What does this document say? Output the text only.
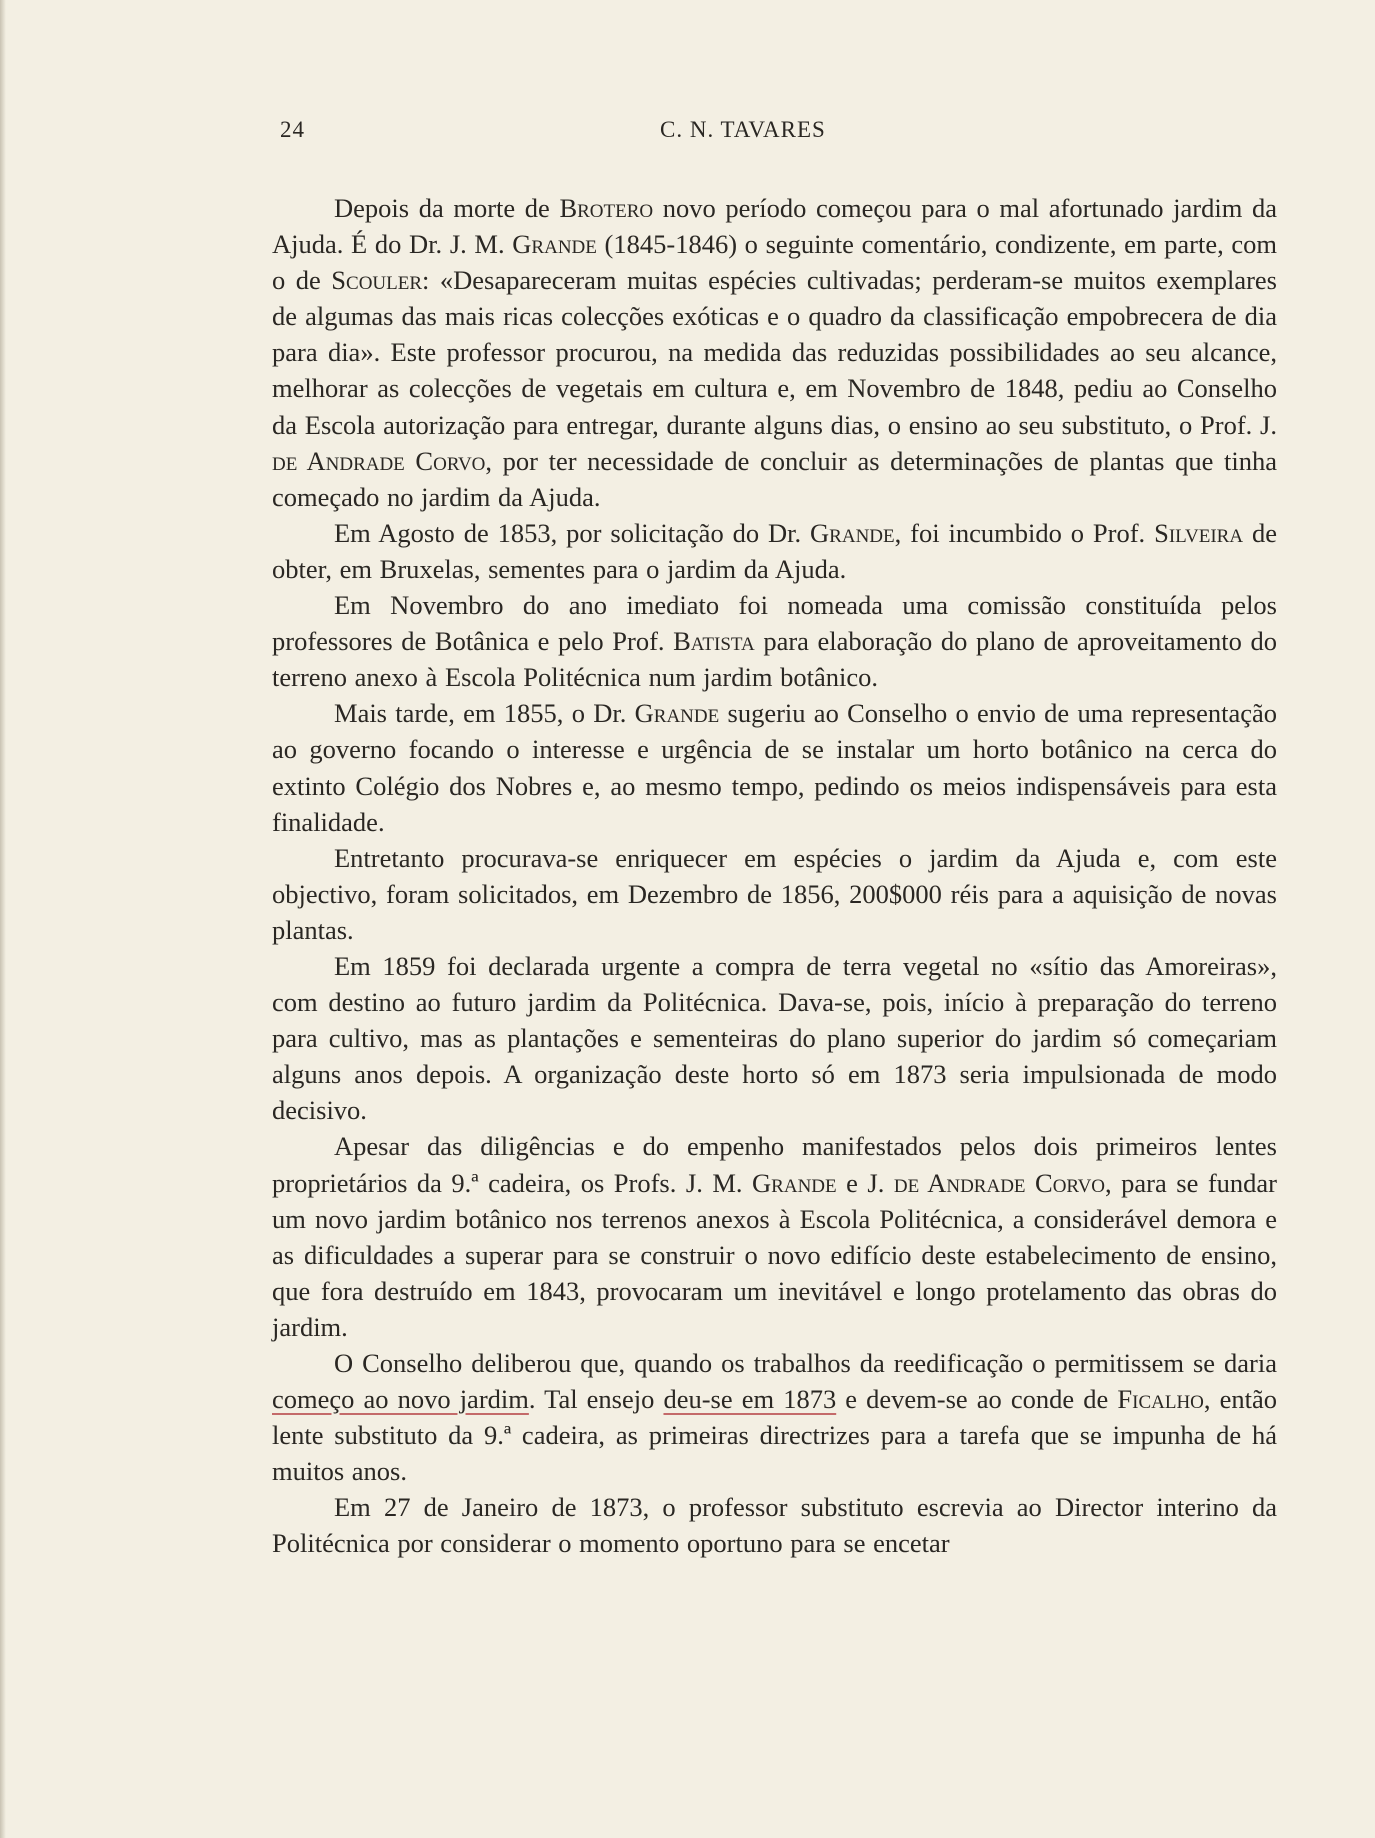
24	C. N. TAVARES

Depois da morte de Brotero novo período começou para o mal afortunado jardim da Ajuda. É do Dr. J. M. Grande (1845-1846) o seguinte comentário, condizente, em parte, com o de Scouler: «Desapareceram muitas espécies cultivadas; perderam-se muitos exemplares de algumas das mais ricas colecções exóticas e o quadro da classificação empobrecera de dia para dia». Este professor procurou, na medida das reduzidas possibilidades ao seu alcance, melhorar as colecções de vegetais em cultura e, em Novembro de 1848, pediu ao Conselho da Escola autorização para entregar, durante alguns dias, o ensino ao seu substituto, o Prof. J. de Andrade Corvo, por ter necessidade de concluir as determinações de plantas que tinha começado no jardim da Ajuda.

Em Agosto de 1853, por solicitação do Dr. Grande, foi incumbido o Prof. Silveira de obter, em Bruxelas, sementes para o jardim da Ajuda.

Em Novembro do ano imediato foi nomeada uma comissão constituída pelos professores de Botânica e pelo Prof. Batista para elaboração do plano de aproveitamento do terreno anexo à Escola Politécnica num jardim botânico.

Mais tarde, em 1855, o Dr. Grande sugeriu ao Conselho o envio de uma representação ao governo focando o interesse e urgência de se instalar um horto botânico na cerca do extinto Colégio dos Nobres e, ao mesmo tempo, pedindo os meios indispensáveis para esta finalidade.

Entretanto procurava-se enriquecer em espécies o jardim da Ajuda e, com este objectivo, foram solicitados, em Dezembro de 1856, 200$000 réis para a aquisição de novas plantas.

Em 1859 foi declarada urgente a compra de terra vegetal no «sítio das Amoreiras», com destino ao futuro jardim da Politécnica. Dava-se, pois, início à preparação do terreno para cultivo, mas as plantações e sementeiras do plano superior do jardim só começariam alguns anos depois. A organização deste horto só em 1873 seria impulsionada de modo decisivo.

Apesar das diligências e do empenho manifestados pelos dois primeiros lentes proprietários da 9.ª cadeira, os Profs. J. M. Grande e J. de Andrade Corvo, para se fundar um novo jardim botânico nos terrenos anexos à Escola Politécnica, a considerável demora e as dificuldades a superar para se construir o novo edifício deste estabelecimento de ensino, que fora destruído em 1843, provocaram um inevitável e longo protelamento das obras do jardim.

O Conselho deliberou que, quando os trabalhos da reedificação o permitissem se daria começo ao novo jardim. Tal ensejo deu-se em 1873 e devem-se ao conde de Ficalho, então lente substituto da 9.ª cadeira, as primeiras directrizes para a tarefa que se impunha de há muitos anos.

Em 27 de Janeiro de 1873, o professor substituto escrevia ao Director interino da Politécnica por considerar o momento oportuno para se encetar
